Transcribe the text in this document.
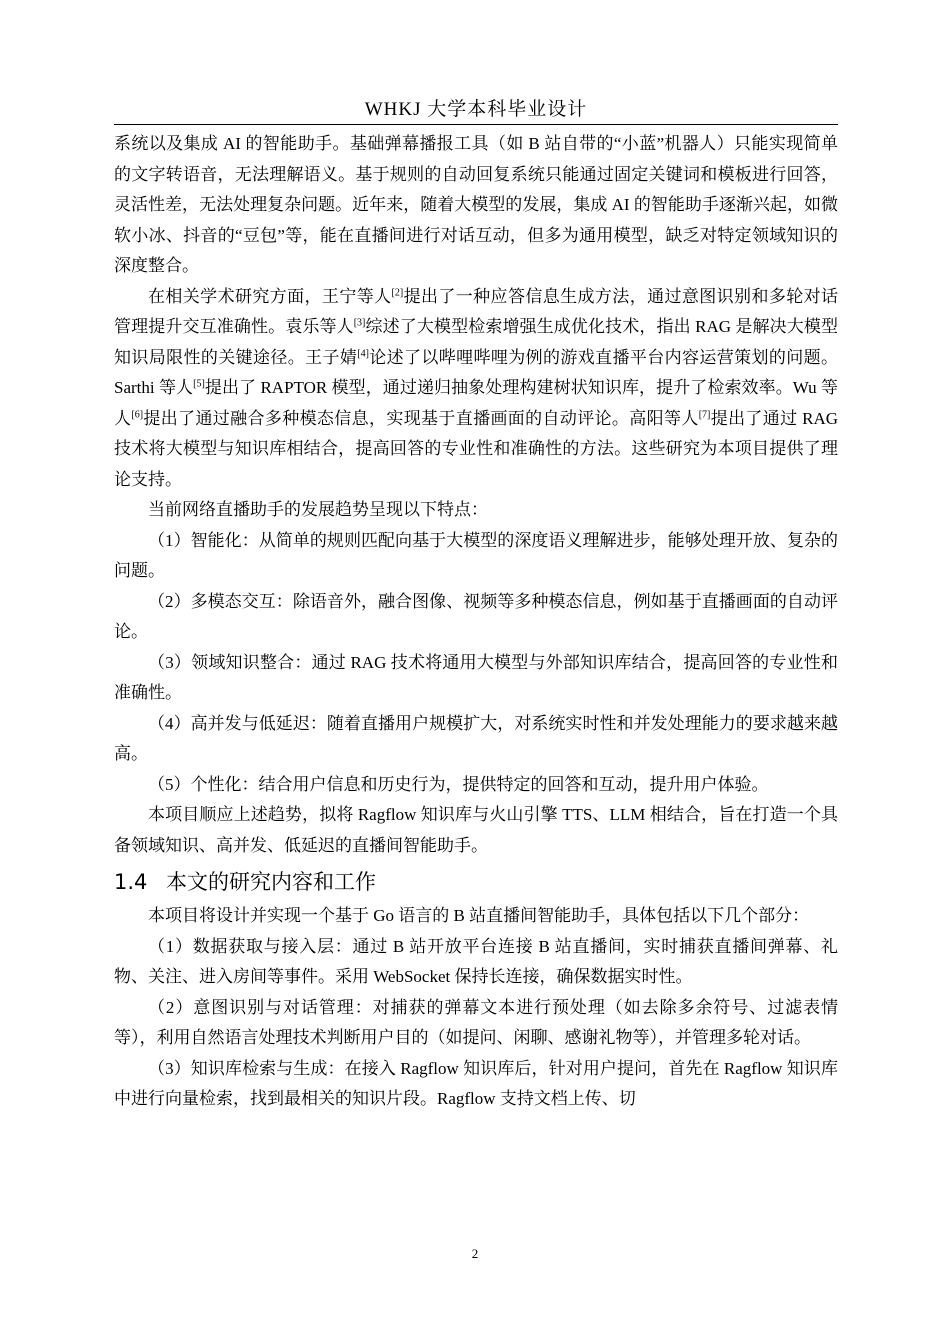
WHKJ 大学本科毕业设计

系统以及集成 AI 的智能助手。基础弹幕播报工具（如 B 站自带的“小蓝”机器人）只能实现简单的文字转语音，无法理解语义。基于规则的自动回复系统只能通过固定关键词和模板进行回答，灵活性差，无法处理复杂问题。近年来，随着大模型的发展，集成 AI 的智能助手逐渐兴起，如微软小冰、抖音的“豆包”等，能在直播间进行对话互动，但多为通用模型，缺乏对特定领域知识的深度整合。

在相关学术研究方面，王宁等人[2]提出了一种应答信息生成方法，通过意图识别和多轮对话管理提升交互准确性。袁乐等人[3]综述了大模型检索增强生成优化技术，指出 RAG 是解决大模型知识局限性的关键途径。王子婧[4]论述了以哔哩哔哩为例的游戏直播平台内容运营策划的问题。Sarthi 等人[5]提出了 RAPTOR 模型，通过递归抽象处理构建树状知识库，提升了检索效率。Wu 等人[6]提出了通过融合多种模态信息，实现基于直播画面的自动评论。高阳等人[7]提出了通过 RAG 技术将大模型与知识库相结合，提高回答的专业性和准确性的方法。这些研究为本项目提供了理论支持。

当前网络直播助手的发展趋势呈现以下特点：

（1）智能化：从简单的规则匹配向基于大模型的深度语义理解进步，能够处理开放、复杂的问题。

（2）多模态交互：除语音外，融合图像、视频等多种模态信息，例如基于直播画面的自动评论。

（3）领域知识整合：通过 RAG 技术将通用大模型与外部知识库结合，提高回答的专业性和准确性。

（4）高并发与低延迟：随着直播用户规模扩大，对系统实时性和并发处理能力的要求越来越高。

（5）个性化：结合用户信息和历史行为，提供特定的回答和互动，提升用户体验。

本项目顺应上述趋势，拟将 Ragflow 知识库与火山引擎 TTS、LLM 相结合，旨在打造一个具备领域知识、高并发、低延迟的直播间智能助手。

1.4 本文的研究内容和工作

本项目将设计并实现一个基于 Go 语言的 B 站直播间智能助手，具体包括以下几个部分：

（1）数据获取与接入层：通过 B 站开放平台连接 B 站直播间，实时捕获直播间弹幕、礼物、关注、进入房间等事件。采用 WebSocket 保持长连接，确保数据实时性。

（2）意图识别与对话管理：对捕获的弹幕文本进行预处理（如去除多余符号、过滤表情等），利用自然语言处理技术判断用户目的（如提问、闲聊、感谢礼物等），并管理多轮对话。

（3）知识库检索与生成：在接入 Ragflow 知识库后，针对用户提问，首先在 Ragflow 知识库中进行向量检索，找到最相关的知识片段。Ragflow 支持文档上传、切

2
